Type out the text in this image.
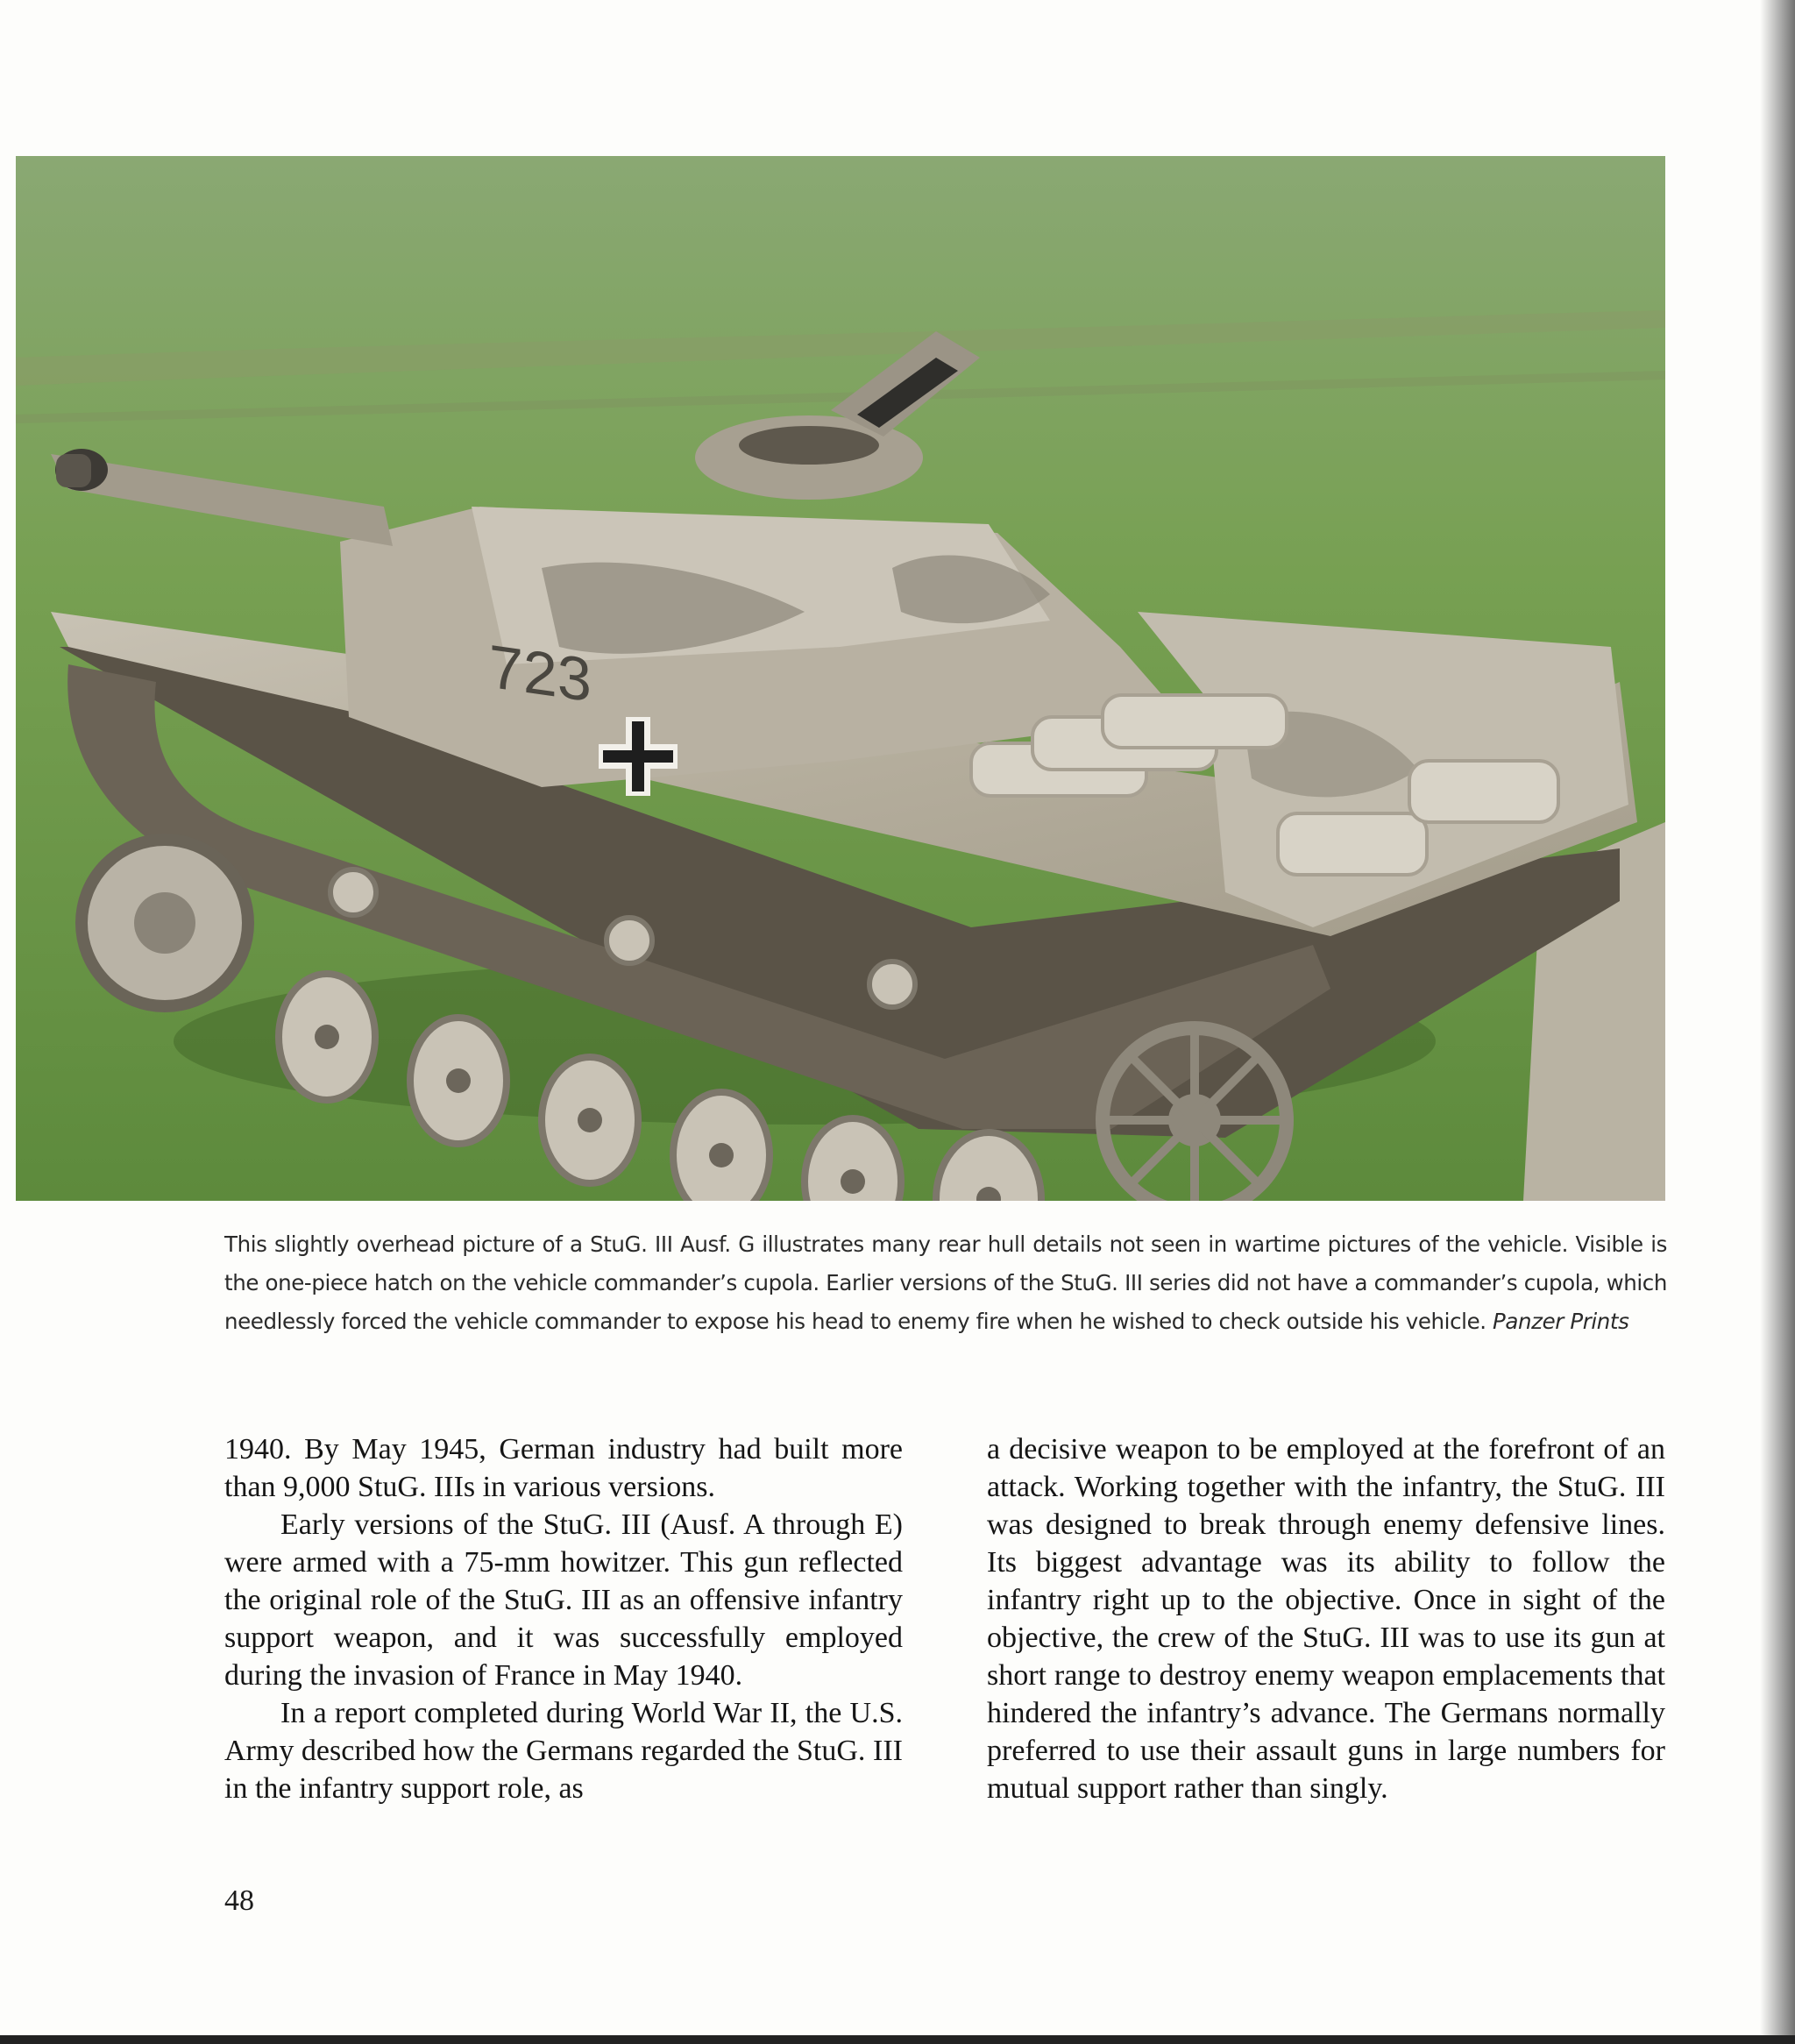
723
This slightly overhead picture of a StuG. III Ausf. G illustrates many rear hull details not seen in wartime pictures of the vehicle. Visible is the one-piece hatch on the vehicle commander’s cupola. Earlier versions of the StuG. III series did not have a commander’s cupola, which needlessly forced the vehicle commander to expose his head to enemy fire when he wished to check outside his vehicle. Panzer Prints

1940. By May 1945, German industry had built more than 9,000 StuG. IIIs in various versions.

Early versions of the StuG. III (Ausf. A through E) were armed with a 75-mm howitzer. This gun reflected the original role of the StuG. III as an offensive infantry support weapon, and it was successfully employed during the invasion of France in May 1940.

In a report completed during World War II, the U.S. Army described how the Germans regarded the StuG. III in the infantry support role, as

a decisive weapon to be employed at the forefront of an attack. Working together with the infantry, the StuG. III was designed to break through enemy defensive lines. Its biggest advantage was its ability to follow the infantry right up to the objective. Once in sight of the objective, the crew of the StuG. III was to use its gun at short range to destroy enemy weapon emplacements that hindered the infantry’s advance. The Germans normally preferred to use their assault guns in large numbers for mutual support rather than singly.

48
